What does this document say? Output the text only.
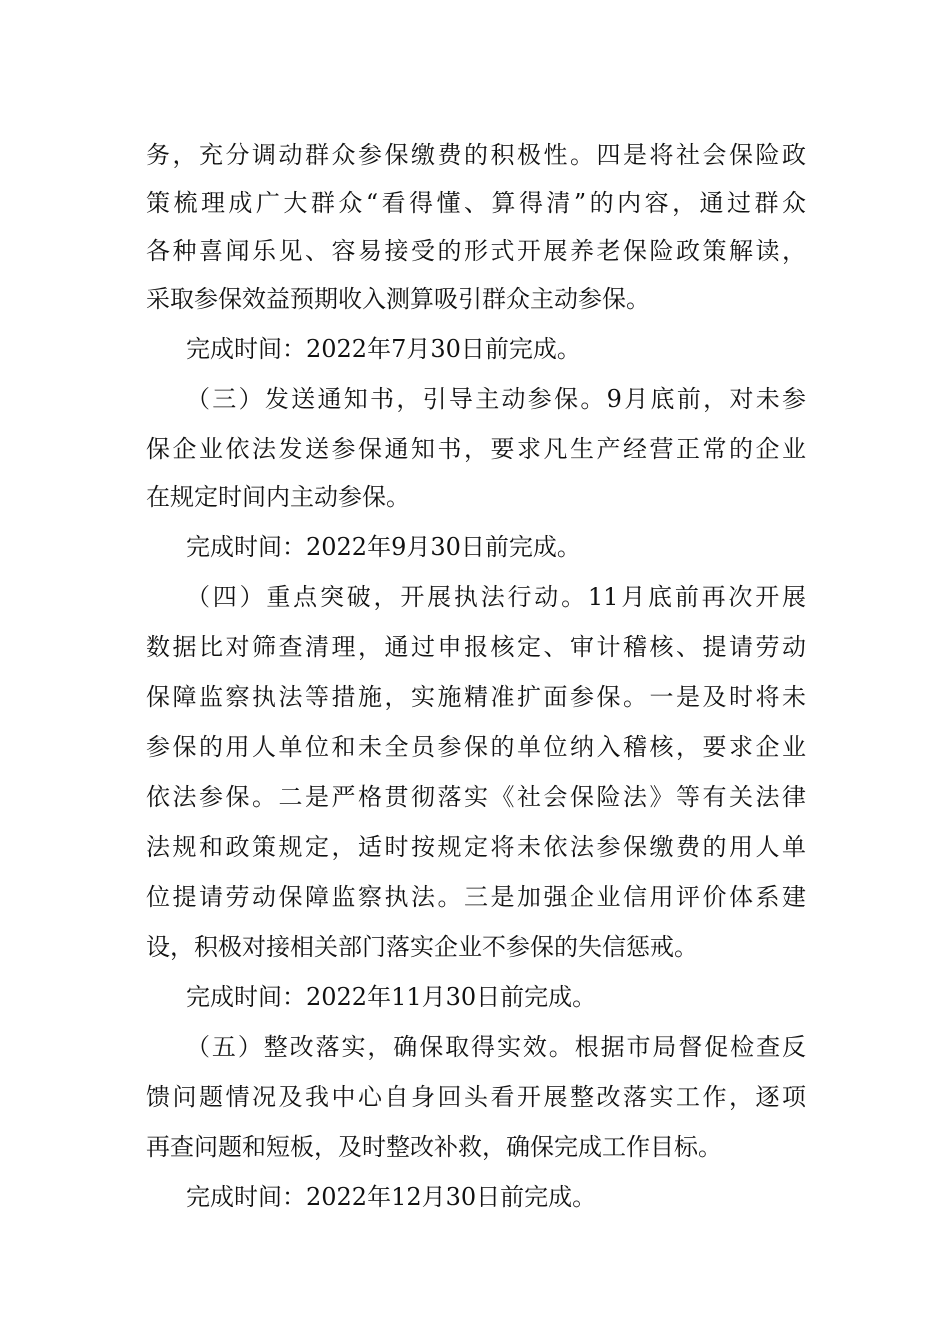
务，充分调动群众参保缴费的积极性。四是将社会保险政
策梳理成广大群众“看得懂、算得清”的内容，通过群众
各种喜闻乐见、容易接受的形式开展养老保险政策解读，
采取参保效益预期收入测算吸引群众主动参保。
完成时间：2022年7月30日前完成。
（三）发送通知书，引导主动参保。9月底前，对未参
保企业依法发送参保通知书，要求凡生产经营正常的企业
在规定时间内主动参保。
完成时间：2022年9月30日前完成。
（四）重点突破，开展执法行动。11月底前再次开展
数据比对筛查清理，通过申报核定、审计稽核、提请劳动
保障监察执法等措施，实施精准扩面参保。一是及时将未
参保的用人单位和未全员参保的单位纳入稽核，要求企业
依法参保。二是严格贯彻落实《社会保险法》等有关法律
法规和政策规定，适时按规定将未依法参保缴费的用人单
位提请劳动保障监察执法。三是加强企业信用评价体系建
设，积极对接相关部门落实企业不参保的失信惩戒。
完成时间：2022年11月30日前完成。
（五）整改落实，确保取得实效。根据市局督促检查反
馈问题情况及我中心自身回头看开展整改落实工作，逐项
再查问题和短板，及时整改补救，确保完成工作目标。
完成时间：2022年12月30日前完成。
